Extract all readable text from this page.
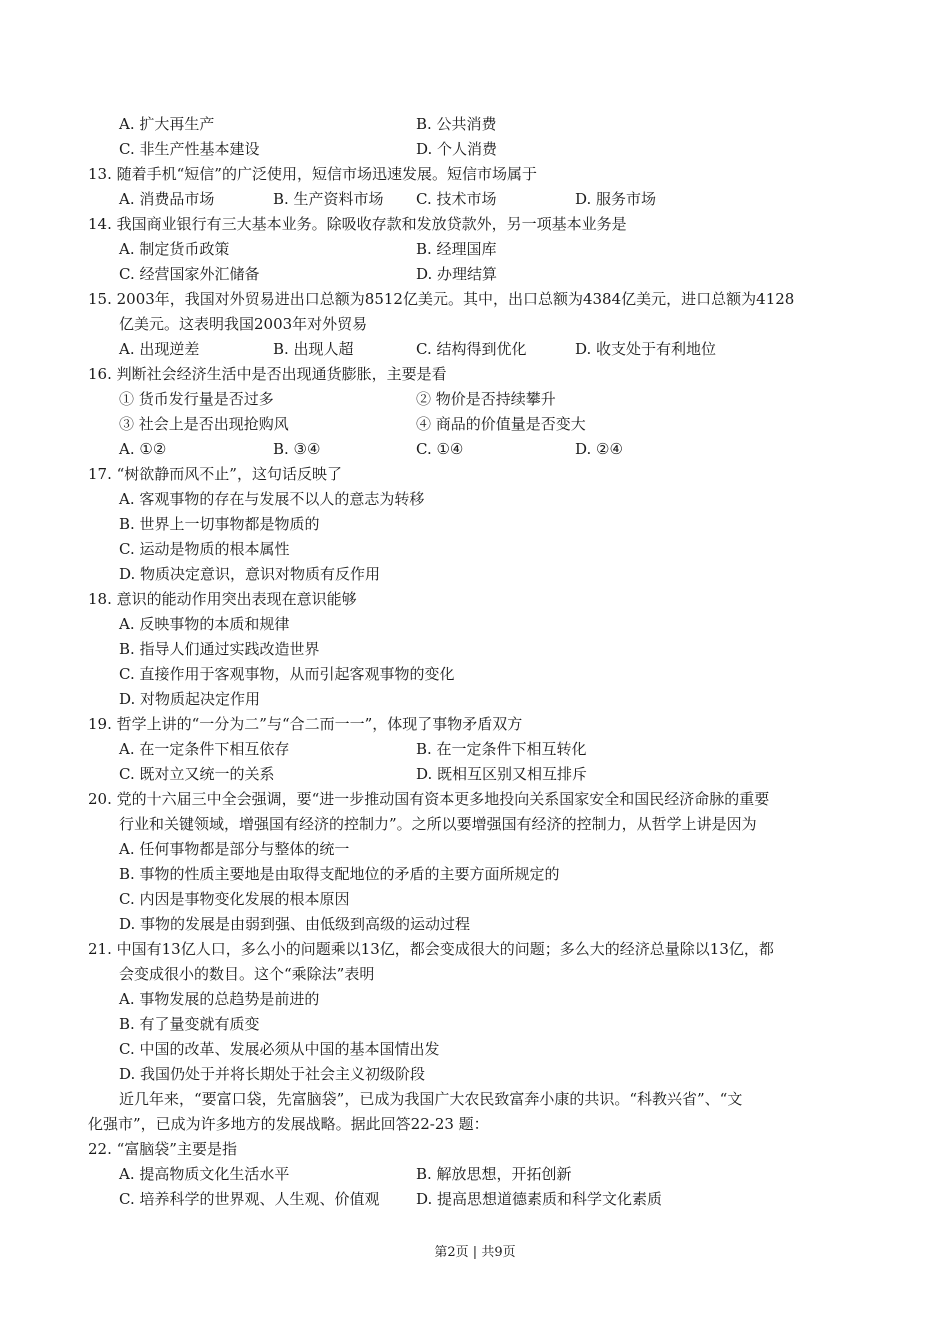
A. 扩大再生产	B. 公共消费
C. 非生产性基本建设	D. 个人消费
13. 随着手机“短信”的广泛使用，短信市场迅速发展。短信市场属于
A. 消费品市场	B. 生产资料市场 C. 技术市场	D. 服务市场
14. 我国商业银行有三大基本业务。除吸收存款和发放贷款外，另一项基本业务是
A. 制定货币政策	B. 经理国库
C. 经营国家外汇储备	D. 办理结算
15. 2003年，我国对外贸易进出口总额为8512亿美元。其中，出口总额为4384亿美元，进口总额为4128
亿美元。这表明我国2003年对外贸易
A. 出现逆差	B. 出现人超	C. 结构得到优化	D. 收支处于有利地位
16. 判断社会经济生活中是否出现通货膨胀，主要是看
① 货币发行量是否过多	② 物价是否持续攀升
③ 社会上是否出现抢购风	④ 商品的价值量是否变大
A. ①②	B. ③④	C. ①④	D. ②④
17. “树欲静而风不止”，这句话反映了
A. 客观事物的存在与发展不以人的意志为转移
B. 世界上一切事物都是物质的
C. 运动是物质的根本属性
D. 物质决定意识，意识对物质有反作用
18. 意识的能动作用突出表现在意识能够
A. 反映事物的本质和规律
B. 指导人们通过实践改造世界
C. 直接作用于客观事物，从而引起客观事物的变化
D. 对物质起决定作用
19. 哲学上讲的“一分为二”与“合二而一一”，体现了事物矛盾双方
A. 在一定条件下相互依存	B. 在一定条件下相互转化
C. 既对立又统一的关系	D. 既相互区别又相互排斥
20. 党的十六届三中全会强调，要“进一步推动国有资本更多地投向关系国家安全和国民经济命脉的重要
行业和关键领域，增强国有经济的控制力”。之所以要增强国有经济的控制力，从哲学上讲是因为
A. 任何事物都是部分与整体的统一
B. 事物的性质主要地是由取得支配地位的矛盾的主要方面所规定的
C. 内因是事物变化发展的根本原因
D. 事物的发展是由弱到强、由低级到高级的运动过程
21. 中国有13亿人口，多么小的问题乘以13亿，都会变成很大的问题；多么大的经济总量除以13亿，都
会变成很小的数目。这个“乘除法”表明
A. 事物发展的总趋势是前进的
B. 有了量变就有质变
C. 中国的改革、发展必须从中国的基本国情出发
D. 我国仍处于并将长期处于社会主义初级阶段
近几年来，“要富口袋，先富脑袋”，已成为我国广大农民致富奔小康的共识。“科教兴省”、“文
化强市”，已成为许多地方的发展战略。据此回答22-23 题：
22. “富脑袋”主要是指
A. 提高物质文化生活水平	B. 解放思想，开拓创新
C. 培养科学的世界观、人生观、价值观 D. 提高思想道德素质和科学文化素质
第2页 | 共9页
